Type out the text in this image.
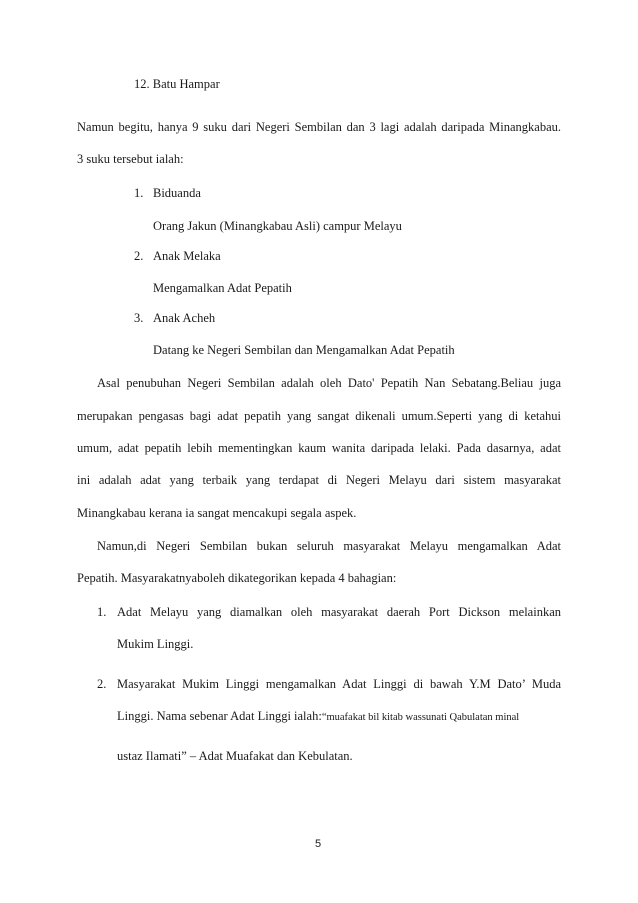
12. Batu Hampar
Namun begitu, hanya 9 suku dari Negeri Sembilan dan 3 lagi adalah daripada Minangkabau.
3 suku tersebut ialah:
1. Biduanda
Orang Jakun (Minangkabau Asli) campur Melayu
2. Anak Melaka
Mengamalkan Adat Pepatih
3. Anak Acheh
Datang ke Negeri Sembilan dan Mengamalkan Adat Pepatih
Asal penubuhan Negeri Sembilan adalah oleh Dato' Pepatih Nan Sebatang.Beliau juga
merupakan pengasas bagi adat pepatih yang sangat dikenali umum.Seperti yang di ketahui
umum, adat pepatih lebih mementingkan kaum wanita daripada lelaki. Pada dasarnya, adat
ini adalah adat yang terbaik yang terdapat di Negeri Melayu dari sistem masyarakat
Minangkabau kerana ia sangat mencakupi segala aspek.
Namun,di Negeri Sembilan bukan seluruh masyarakat Melayu mengamalkan Adat
Pepatih. Masyarakatnyaboleh dikategorikan kepada 4 bahagian:
1. Adat Melayu yang diamalkan oleh masyarakat daerah Port Dickson melainkan
Mukim Linggi.
2. Masyarakat Mukim Linggi mengamalkan Adat Linggi di bawah Y.M Dato’ Muda
Linggi. Nama sebenar Adat Linggi ialah:“muafakat bil kitab wassunati Qabulatan minal
ustaz Ilamati” – Adat Muafakat dan Kebulatan.
5
